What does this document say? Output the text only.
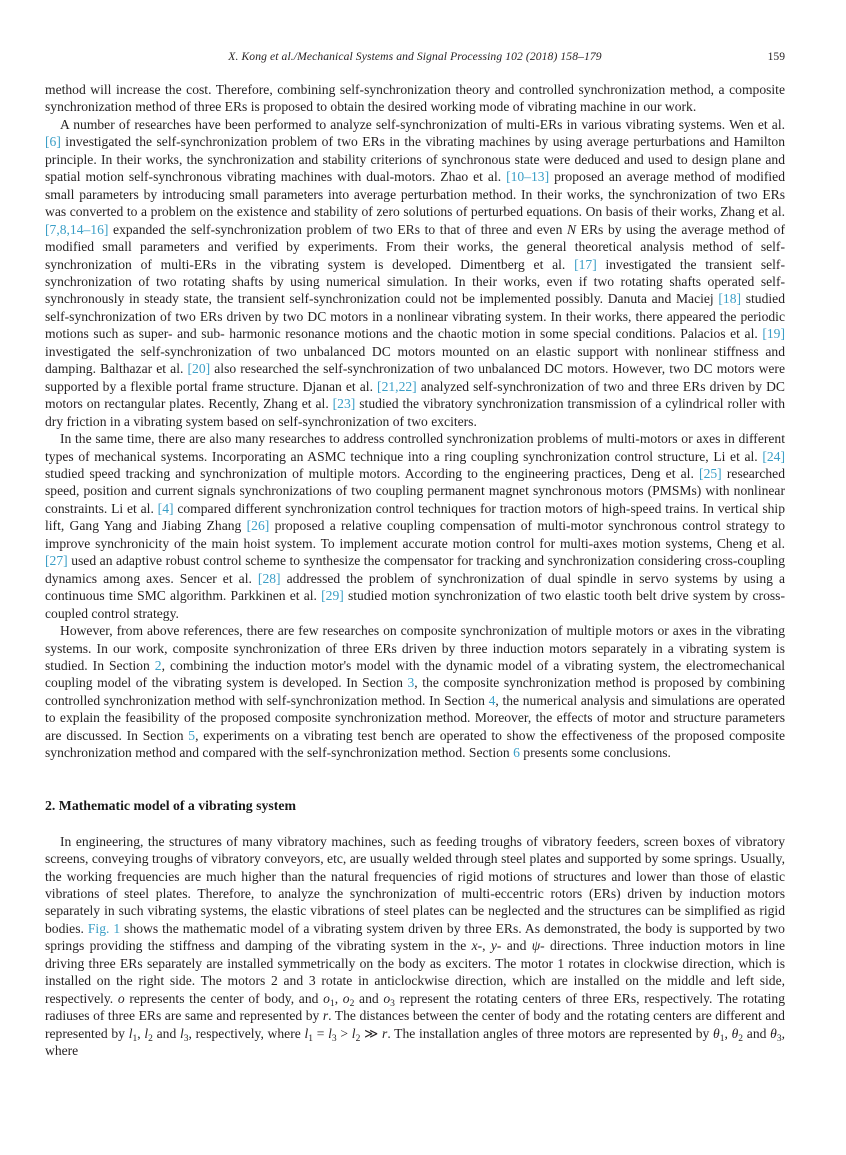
X. Kong et al./Mechanical Systems and Signal Processing 102 (2018) 158–179	159

method will increase the cost. Therefore, combining self-synchronization theory and controlled synchronization method, a composite synchronization method of three ERs is proposed to obtain the desired working mode of vibrating machine in our work.

A number of researches have been performed to analyze self-synchronization of multi-ERs in various vibrating systems. Wen et al. [6] investigated the self-synchronization problem of two ERs in the vibrating machines by using average perturbations and Hamilton principle. In their works, the synchronization and stability criterions of synchronous state were deduced and used to design plane and spatial motion self-synchronous vibrating machines with dual-motors. Zhao et al. [10–13] proposed an average method of modified small parameters by introducing small parameters into average perturbation method. In their works, the synchronization of two ERs was converted to a problem on the existence and stability of zero solutions of perturbed equations. On basis of their works, Zhang et al. [7,8,14–16] expanded the self-synchronization problem of two ERs to that of three and even N ERs by using the average method of modified small parameters and verified by experiments. From their works, the general theoretical analysis method of self-synchronization of multi-ERs in the vibrating system is developed. Dimentberg et al. [17] investigated the transient self-synchronization of two rotating shafts by using numerical simulation. In their works, even if two rotating shafts operated self-synchronously in steady state, the transient self-synchronization could not be implemented possibly. Danuta and Maciej [18] studied self-synchronization of two ERs driven by two DC motors in a nonlinear vibrating system. In their works, there appeared the periodic motions such as super- and sub- harmonic resonance motions and the chaotic motion in some special conditions. Palacios et al. [19] investigated the self-synchronization of two unbalanced DC motors mounted on an elastic support with nonlinear stiffness and damping. Balthazar et al. [20] also researched the self-synchronization of two unbalanced DC motors. However, two DC motors were supported by a flexible portal frame structure. Djanan et al. [21,22] analyzed self-synchronization of two and three ERs driven by DC motors on rectangular plates. Recently, Zhang et al. [23] studied the vibratory synchronization transmission of a cylindrical roller with dry friction in a vibrating system based on self-synchronization of two exciters.

In the same time, there are also many researches to address controlled synchronization problems of multi-motors or axes in different types of mechanical systems. Incorporating an ASMC technique into a ring coupling synchronization control structure, Li et al. [24] studied speed tracking and synchronization of multiple motors. According to the engineering practices, Deng et al. [25] researched speed, position and current signals synchronizations of two coupling permanent magnet synchronous motors (PMSMs) with nonlinear constraints. Li et al. [4] compared different synchronization control techniques for traction motors of high-speed trains. In vertical ship lift, Gang Yang and Jiabing Zhang [26] proposed a relative coupling compensation of multi-motor synchronous control strategy to improve synchronicity of the main hoist system. To implement accurate motion control for multi-axes motion systems, Cheng et al. [27] used an adaptive robust control scheme to synthesize the compensator for tracking and synchronization considering cross-coupling dynamics among axes. Sencer et al. [28] addressed the problem of synchronization of dual spindle in servo systems by using a continuous time SMC algorithm. Parkkinen et al. [29] studied motion synchronization of two elastic tooth belt drive system by cross-coupled control strategy.

However, from above references, there are few researches on composite synchronization of multiple motors or axes in the vibrating systems. In our work, composite synchronization of three ERs driven by three induction motors separately in a vibrating system is studied. In Section 2, combining the induction motor's model with the dynamic model of a vibrating system, the electromechanical coupling model of the vibrating system is developed. In Section 3, the composite synchronization method is proposed by combining controlled synchronization method with self-synchronization method. In Section 4, the numerical analysis and simulations are operated to explain the feasibility of the proposed composite synchronization method. Moreover, the effects of motor and structure parameters are discussed. In Section 5, experiments on a vibrating test bench are operated to show the effectiveness of the proposed composite synchronization method and compared with the self-synchronization method. Section 6 presents some conclusions.

2. Mathematic model of a vibrating system

In engineering, the structures of many vibratory machines, such as feeding troughs of vibratory feeders, screen boxes of vibratory screens, conveying troughs of vibratory conveyors, etc, are usually welded through steel plates and supported by some springs. Usually, the working frequencies are much higher than the natural frequencies of rigid motions of structures and lower than those of elastic vibrations of steel plates. Therefore, to analyze the synchronization of multi-eccentric rotors (ERs) driven by induction motors separately in such vibrating systems, the elastic vibrations of steel plates can be neglected and the structures can be simplified as rigid bodies. Fig. 1 shows the mathematic model of a vibrating system driven by three ERs. As demonstrated, the body is supported by two springs providing the stiffness and damping of the vibrating system in the x-, y- and ψ- directions. Three induction motors in line driving three ERs separately are installed symmetrically on the body as exciters. The motor 1 rotates in clockwise direction, which is installed on the right side. The motors 2 and 3 rotate in anticlockwise direction, which are installed on the middle and left side, respectively. o represents the center of body, and $o_1$, $o_2$ and $o_3$ represent the rotating centers of three ERs, respectively. The rotating radiuses of three ERs are same and represented by r. The distances between the center of body and the rotating centers are different and represented by $l_1$, $l_2$ and $l_3$, respectively, where $l_1 = l_3 > l_2$ ≫ r. The installation angles of three motors are represented by $\theta_1$, $\theta_2$ and $\theta_3$, where
